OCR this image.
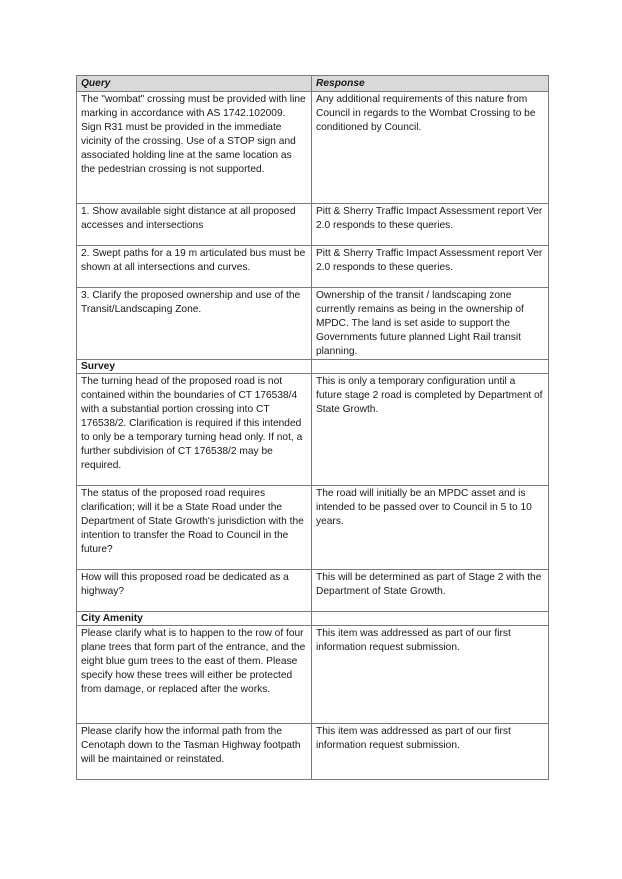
Query	Response

The "wombat" crossing must be provided with line marking in accordance with AS 1742.102009.
Sign R31 must be provided in the immediate vicinity of the crossing. Use of a STOP sign and associated holding line at the same location as the pedestrian crossing is not supported.	Any additional requirements of this nature from Council in regards to the Wombat Crossing to be conditioned by Council.

1. Show available sight distance at all proposed accesses and intersections	Pitt & Sherry Traffic Impact Assessment report Ver 2.0 responds to these queries.

2. Swept paths for a 19 m articulated bus must be shown at all intersections and curves.	Pitt & Sherry Traffic Impact Assessment report Ver 2.0 responds to these queries.

3. Clarify the proposed ownership and use of the Transit/Landscaping Zone.	Ownership of the transit / landscaping zone currently remains as being in the ownership of MPDC. The land is set aside to support the Governments future planned Light Rail transit planning.

Survey	

The turning head of the proposed road is not contained within the boundaries of CT 176538/4 with a substantial portion crossing into CT 176538/2. Clarification is required if this intended to only be a temporary turning head only. If not, a further subdivision of CT 176538/2 may be required.	This is only a temporary configuration until a future stage 2 road is completed by Department of State Growth.

The status of the proposed road requires clarification; will it be a State Road under the Department of State Growth's jurisdiction with the intention to transfer the Road to Council in the future?	The road will initially be an MPDC asset and is intended to be passed over to Council in 5 to 10 years.

How will this proposed road be dedicated as a highway?	This will be determined as part of Stage 2 with the Department of State Growth.

City Amenity	

Please clarify what is to happen to the row of four plane trees that form part of the entrance, and the eight blue gum trees to the east of them. Please specify how these trees will either be protected from damage, or replaced after the works.	This item was addressed as part of our first information request submission.

Please clarify how the informal path from the Cenotaph down to the Tasman Highway footpath will be maintained or reinstated.	This item was addressed as part of our first information request submission.
